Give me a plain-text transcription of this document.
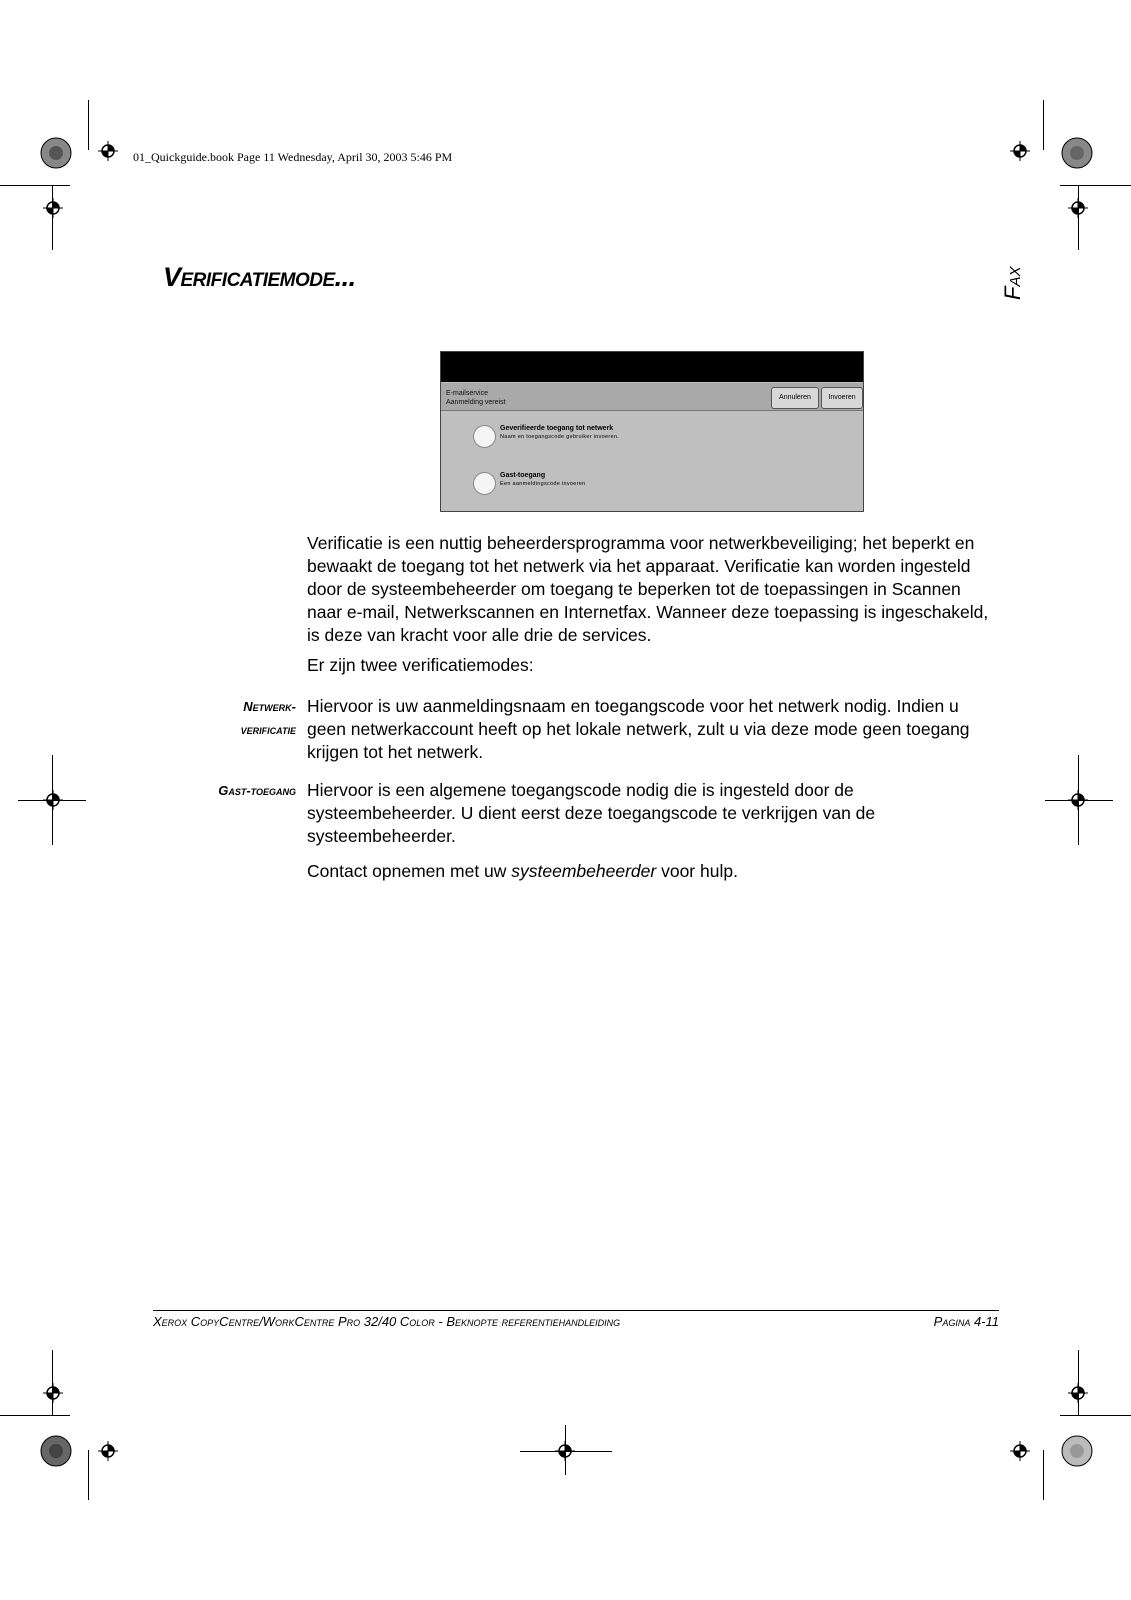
01_Quickguide.book Page 11 Wednesday, April 30, 2003 5:46 PM
Verificatiemode...	Fax
E-mailservice
Aanmelding vereist
Annuleren	Invoeren
Geverifieerde toegang tot netwerk
Naam en toegangscode gebruiker invoeren.
Gast-toegang
Een aanmeldingscode invoeren

Verificatie is een nuttig beheerdersprogramma voor netwerkbeveiliging; het beperkt en bewaakt de toegang tot het netwerk via het apparaat. Verificatie kan worden ingesteld door de systeembeheerder om toegang te beperken tot de toepassingen in Scannen naar e-mail, Netwerkscannen en Internetfax. Wanneer deze toepassing is ingeschakeld, is deze van kracht voor alle drie de services.

Er zijn twee verificatiemodes:

Netwerk-
verificatie

Hiervoor is uw aanmeldingsnaam en toegangscode voor het netwerk nodig. Indien u geen netwerkaccount heeft op het lokale netwerk, zult u via deze mode geen toegang krijgen tot het netwerk.

Gast-toegang Hiervoor is een algemene toegangscode nodig die is ingesteld door de systeembeheerder. U dient eerst deze toegangscode te verkrijgen van de systeembeheerder.

Contact opnemen met uw systeembeheerder voor hulp.

Xerox CopyCentre/WorkCentre Pro 32/40 Color - Beknopte referentiehandleiding	Pagina 4-11
